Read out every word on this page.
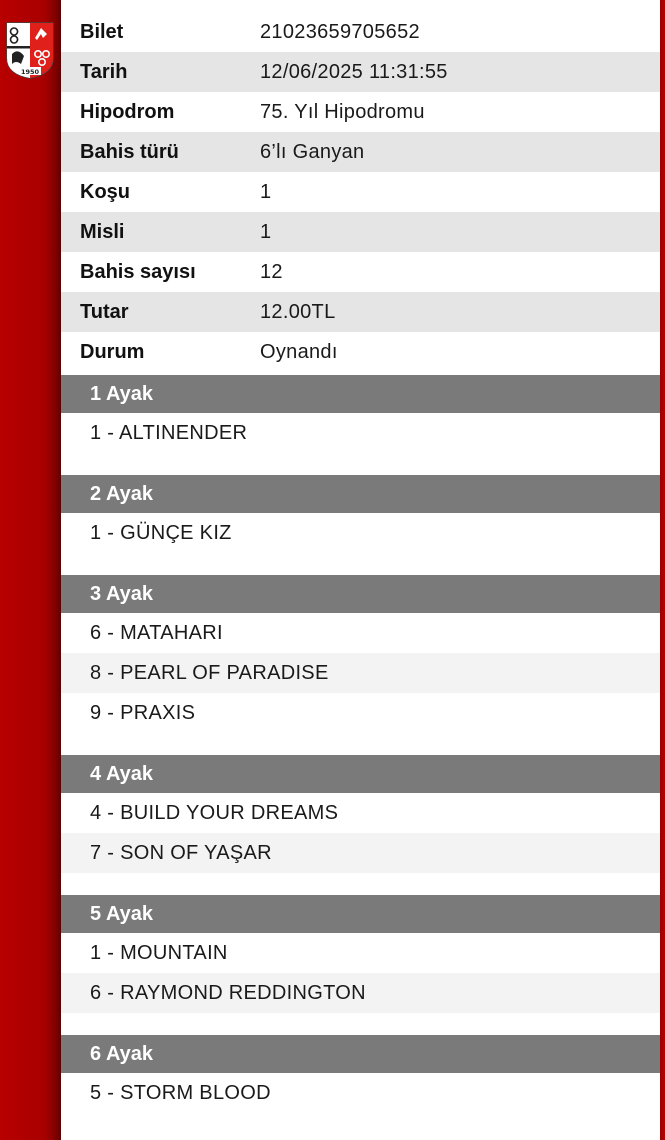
1950
Bilet	21023659705652
Tarih	12/06/2025 11:31:55
Hipodrom	75. Yıl Hipodromu
Bahis türü	6’lı Ganyan
Koşu	1
Misli	1
Bahis sayısı	12
Tutar	12.00TL
Durum	Oynandı
1 Ayak
1 - ALTINENDER
2 Ayak
1 - GÜNÇE KIZ
3 Ayak
6 - MATAHARI
8 - PEARL OF PARADISE
9 - PRAXIS
4 Ayak
4 - BUILD YOUR DREAMS
7 - SON OF YAŞAR
5 Ayak
1 - MOUNTAIN
6 - RAYMOND REDDINGTON
6 Ayak
5 - STORM BLOOD
